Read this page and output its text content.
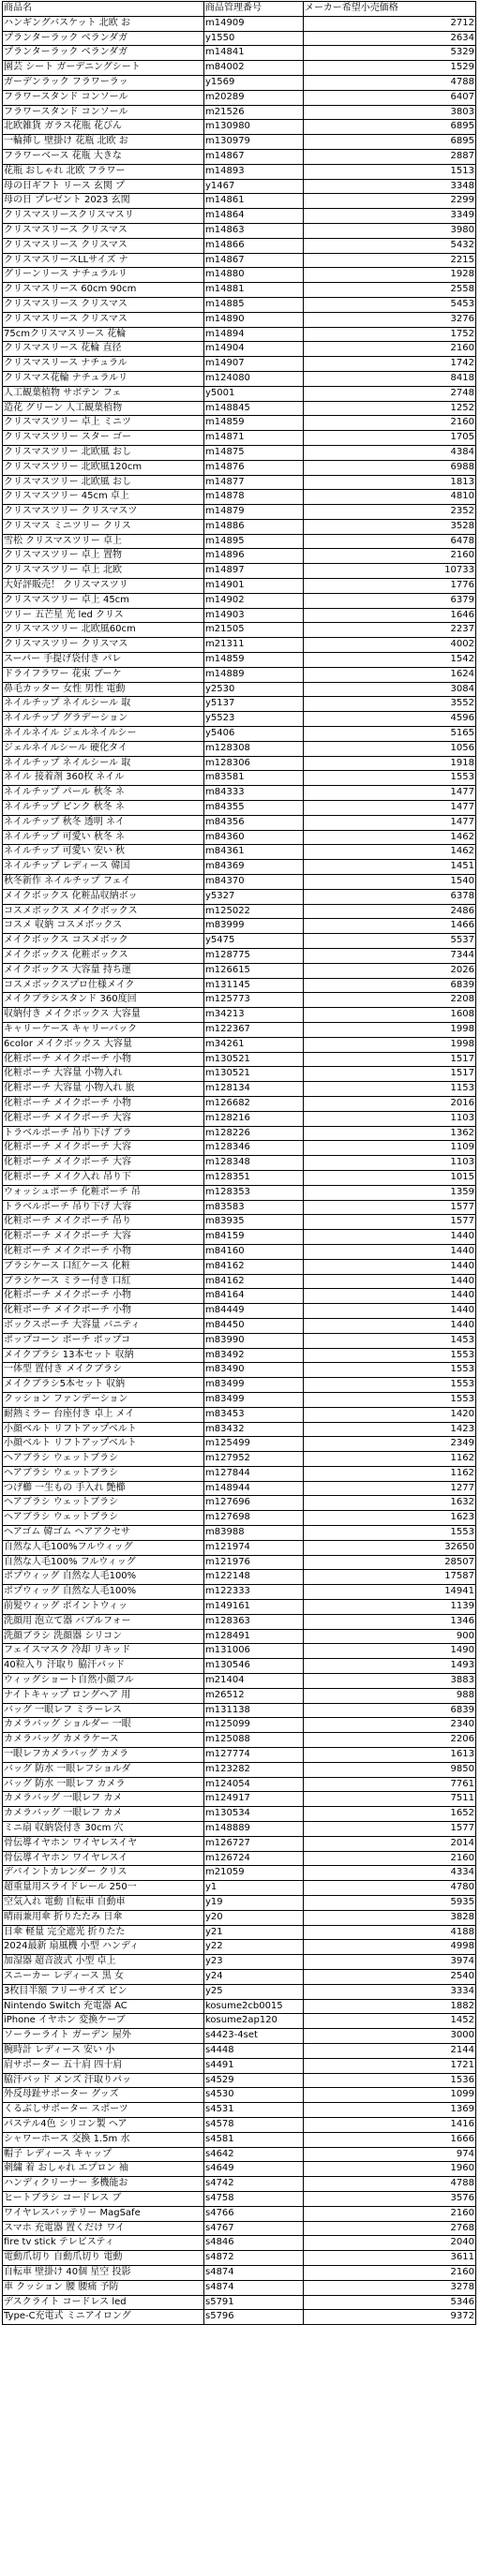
商品名	商品管理番号	メーカー希望小売価格
ハンギングバスケット 北欧 お	m14909	2712
プランターラック ベランダガ	y1550	2634
プランターラック ベランダガ	m14841	5329
園芸 シート ガーデニングシート	m84002	1529
ガーデンラック フラワーラッ	y1569	4788
フラワースタンド コンソール	m20289	6407
フラワースタンド コンソール	m21526	3803
北欧雑貨 ガラス花瓶 花びん	m130980	6895
一輪挿し 壁掛け 花瓶 北欧 お	m130979	6895
フラワーベース 花瓶 大きな	m14867	2887
花瓶 おしゃれ 北欧 フラワー	m14893	1513
母の日ギフト リース 玄関 プ	y1467	3348
母の日 プレゼント 2023 玄関	m14861	2299
クリスマスリースクリスマスリ	m14864	3349
クリスマスリース クリスマス	m14863	3980
クリスマスリース クリスマス	m14866	5432
クリスマスリースLLサイズ ナ	m14867	2215
グリーンリース ナチュラルリ	m14880	1928
クリスマスリース 60cm 90cm	m14881	2558
クリスマスリース クリスマス	m14885	5453
クリスマスリース クリスマス	m14890	3276
75cmクリスマスリース 花輪	m14894	1752
クリスマスリース 花輪 直径	m14904	2160
クリスマスリース ナチュラル	m14907	1742
クリスマス花輪 ナチュラルリ	m124080	8418
人工観葉植物 サボテン フェ	y5001	2748
造花 グリーン 人工観葉植物	m148845	1252
クリスマスツリー 卓上 ミニツ	m14859	2160
クリスマスツリー スター ゴー	m14871	1705
クリスマスツリー 北欧風 おし	m14875	4384
クリスマスツリー 北欧風120cm	m14876	6988
クリスマスツリー 北欧風 おし	m14877	1813
クリスマスツリー 45cm 卓上	m14878	4810
クリスマスツリー クリスマスツ	m14879	2352
クリスマス ミニツリー クリス	m14886	3528
雪松 クリスマスツリー 卓上	m14895	6478
クリスマスツリー 卓上 置物	m14896	2160
クリスマスツリー 卓上 北欧	m14897	10733
大好評販売！ クリスマスツリ	m14901	1776
クリスマスツリー 卓上 45cm	m14902	6379
ツリー 五芒星 光 led クリス	m14903	1646
クリスマスツリー 北欧風60cm	m21505	2237
クリスマスツリー クリスマス	m21311	4002
スーパー 手提げ袋付き パレ	m14859	1542
ドライフラワー 花束 ブーケ	m14889	1624
鼻毛カッター 女性 男性 電動	y2530	3084
ネイルチップ ネイルシール 取	y5137	3552
ネイルチップ グラデーション	y5523	4596
ネイルネイル ジェルネイルシー	y5406	5165
ジェルネイルシール 硬化タイ	m128308	1056
ネイルチップ ネイルシール 取	m128306	1918
ネイル 接着剤 360枚 ネイル	m83581	1553
ネイルチップ パール 秋冬 ネ	m84333	1477
ネイルチップ ピンク 秋冬 ネ	m84355	1477
ネイルチップ 秋冬 透明 ネイ	m84356	1477
ネイルチップ 可愛い 秋冬 ネ	m84360	1462
ネイルチップ 可愛い 安い 秋	m84361	1462
ネイルチップ レディース 韓国	m84369	1451
秋冬新作 ネイルチップ フェイ	m84370	1540
メイクボックス 化粧品収納ボッ	y5327	6378
コスメボックス メイクボックス	m125022	2486
コスメ 収納 コスメボックス	m83999	1466
メイクボックス コスメボック	y5475	5537
メイクボックス 化粧ボックス	m128775	7344
メイクボックス 大容量 持ち運	m126615	2026
コスメボックスプロ仕様メイク	m131145	6839
メイクブラシスタンド 360度回	m125773	2208
収納付き メイクボックス 大容量	m34213	1608
キャリーケース キャリーバック	m122367	1998
6color メイクボックス 大容量	m34261	1998
化粧ポーチ メイクポーチ 小物	m130521	1517
化粧ポーチ 大容量 小物入れ	m130521	1517
化粧ポーチ 大容量 小物入れ 旅	m128134	1153
化粧ポーチ メイクポーチ 小物	m126682	2016
化粧ポーチ メイクポーチ 大容	m128216	1103
トラベルポーチ 吊り下げ ブラ	m128226	1362
化粧ポーチ メイクポーチ 大容	m128346	1109
化粧ポーチ メイクポーチ 大容	m128348	1103
化粧ポーチ メイク入れ 吊り下	m128351	1015
ウォッシュポーチ 化粧ポーチ 吊	m128353	1359
トラベルポーチ 吊り下げ 大容	m83583	1577
化粧ポーチ メイクポーチ 吊り	m83935	1577
化粧ポーチ メイクポーチ 大容	m84159	1440
化粧ポーチ メイクポーチ 小物	m84160	1440
ブラシケース 口紅ケース 化粧	m84162	1440
ブラシケース ミラー付き 口紅	m84162	1440
化粧ポーチ メイクポーチ 小物	m84164	1440
化粧ポーチ メイクポーチ 小物	m84449	1440
ボックスポーチ 大容量 バニティ	m84450	1440
ポップコーン ポーチ ポップコ	m83990	1453
メイクブラシ 13本セット 収納	m83492	1553
一体型 置付き メイクブラシ	m83490	1553
メイクブラシ5本セット 収納	m83499	1553
クッション ファンデーション	m83499	1553
耐熱ミラー 台座付き 卓上 メイ	m83453	1420
小顔ベルト リフトアップベルト	m83432	1423
小顔ベルト リフトアップベルト	m125499	2349
ヘアブラシ ウェットブラシ	m127952	1162
ヘアブラシ ウェットブラシ	m127844	1162
つげ櫛 一生もの 手入れ 艶櫛	m148944	1277
ヘアブラシ ウェットブラシ	m127696	1632
ヘアブラシ ウェットブラシ	m127698	1623
ヘアゴム 韓ゴム ヘアアクセサ	m83988	1553
自然な人毛100%フルウィッグ	m121974	32650
自然な人毛100% フルウィッグ	m121976	28507
ポプウィッグ 自然な人毛100%	m122148	17587
ポプウィッグ 自然な人毛100%	m122333	14941
前髪ウィッグ ポイントウィッ	m149161	1139
洗顔用 泡立て器 バブルフォー	m128363	1346
洗顔ブラシ 洗顔器 シリコン	m128491	900
フェイスマスク 冷却 リキッド	m131006	1490
40粒入り 汗取り 脇汗パッド	m130546	1493
ウィッグショート自然小顔フル	m21404	3883
ナイトキャップ ロングヘア 用	m26512	988
バッグ 一眼レフ ミラーレス	m131138	6839
カメラバッグ ショルダー 一眼	m125099	2340
カメラバッグ カメラケース	m125088	2206
一眼レフカメラバッグ カメラ	m127774	1613
バッグ 防水 一眼レフショルダ	m123282	9850
バッグ 防水 一眼レフ カメラ	m124054	7761
カメラバッグ 一眼レフ カメ	m124917	7511
カメラバッグ 一眼レフ カメ	m130534	1652
ミニ扇 収納袋付き 30cm 穴	m148889	1577
骨伝導イヤホン ワイヤレスイヤ	m126727	2014
骨伝導イヤホン ワイヤレスイ	m126724	2160
デバイントカレンダー クリス	m21059	4334
超重量用スライドレール 250一	y1	4780
空気入れ 電動 自転車 自動車	y19	5935
晴雨兼用傘 折りたたみ 日傘	y20	3828
日傘 軽量 完全遮光 折りたた	y21	4188
2024最新 扇風機 小型 ハンディ	y22	4998
加湿器 超音波式 小型 卓上	y23	3974
スニーカー レディース 黒 女	y24	2540
3枚目半額 フリーサイズ ピン	y25	3334
Nintendo Switch 充電器 AC	kosume2cb0015	1882
iPhone イヤホン 変換ケーブ	kosume2ap120	1452
ソーラーライト ガーデン 屋外	s4423-4set	3000
腕時計 レディース 安い 小	s4448	2144
肩サポーター 五十肩 四十肩	s4491	1721
脇汗パッド メンズ 汗取りパッ	s4529	1536
外反母趾サポーター グッズ	s4530	1099
くるぶしサポーター スポーツ	s4531	1369
パステル4色 シリコン製 ヘア	s4578	1416
シャワーホース 交換 1.5m 水	s4581	1666
帽子 レディース キャップ	s4642	974
刺繍 着 おしゃれ エプロン 袖	s4649	1960
ハンディクリーナー 多機能お	s4742	4788
ヒートブラシ コードレス ブ	s4758	3576
ワイヤレスバッテリー MagSafe	s4766	2160
スマホ 充電器 置くだけ ワイ	s4767	2768
fire tv stick テレビスティ	s4846	2040
電動爪切り 自動爪切り 電動	s4872	3611
自転車 壁掛け 40個 星空 投影	s4874	2160
車 クッション 腰 腰痛 予防	s4874	3278
デスクライト コードレス led	s5791	5346
Type-C充電式 ミニアイロング	s5796	9372
